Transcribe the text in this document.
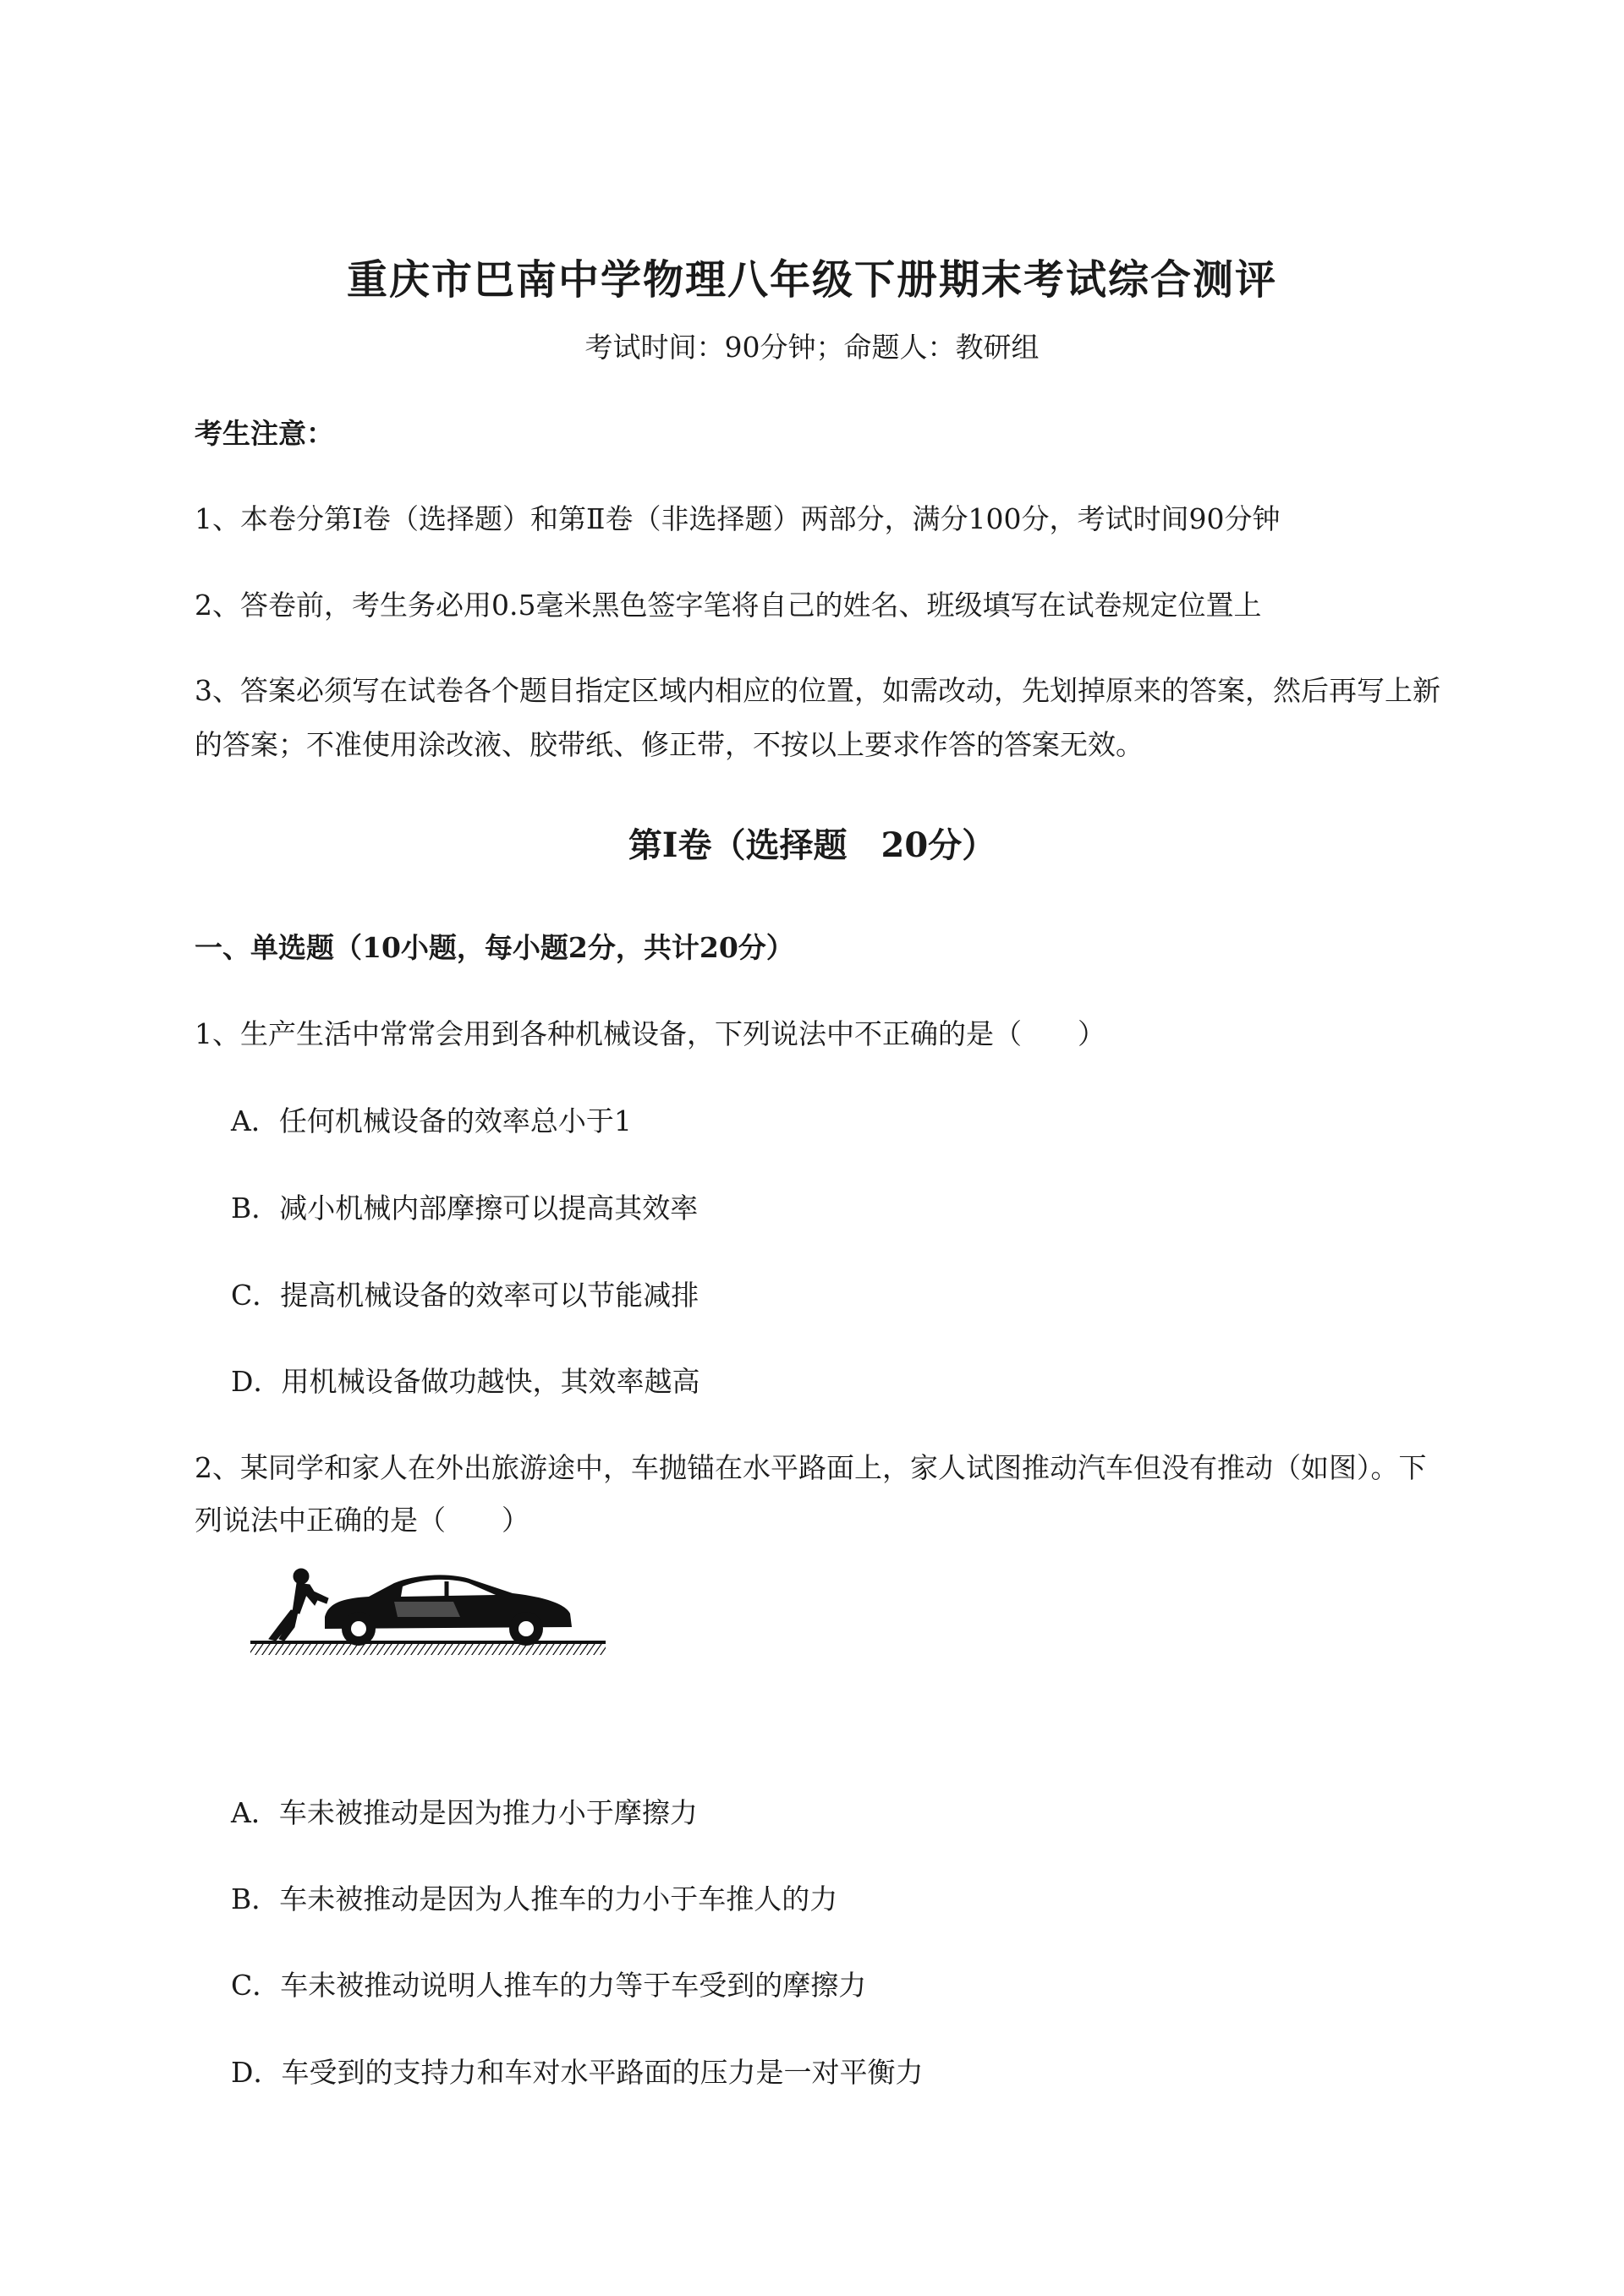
重庆市巴南中学物理八年级下册期末考试综合测评
考试时间：90分钟；命题人：教研组
考生注意：
1、本卷分第I卷（选择题）和第Ⅱ卷（非选择题）两部分，满分100分，考试时间90分钟
2、答卷前，考生务必用0.5毫米黑色签字笔将自己的姓名、班级填写在试卷规定位置上
3、答案必须写在试卷各个题目指定区域内相应的位置，如需改动，先划掉原来的答案，然后再写上新
的答案；不准使用涂改液、胶带纸、修正带，不按以上要求作答的答案无效。
第I卷（选择题　20分）
一、单选题（10小题，每小题2分，共计20分）
1、生产生活中常常会用到各种机械设备，下列说法中不正确的是（　　）
A．任何机械设备的效率总小于1
B．减小机械内部摩擦可以提高其效率
C．提高机械设备的效率可以节能减排
D．用机械设备做功越快，其效率越高
2、某同学和家人在外出旅游途中，车抛锚在水平路面上，家人试图推动汽车但没有推动（如图）。下
列说法中正确的是（　　）
A．车未被推动是因为推力小于摩擦力
B．车未被推动是因为人推车的力小于车推人的力
C．车未被推动说明人推车的力等于车受到的摩擦力
D．车受到的支持力和车对水平路面的压力是一对平衡力
